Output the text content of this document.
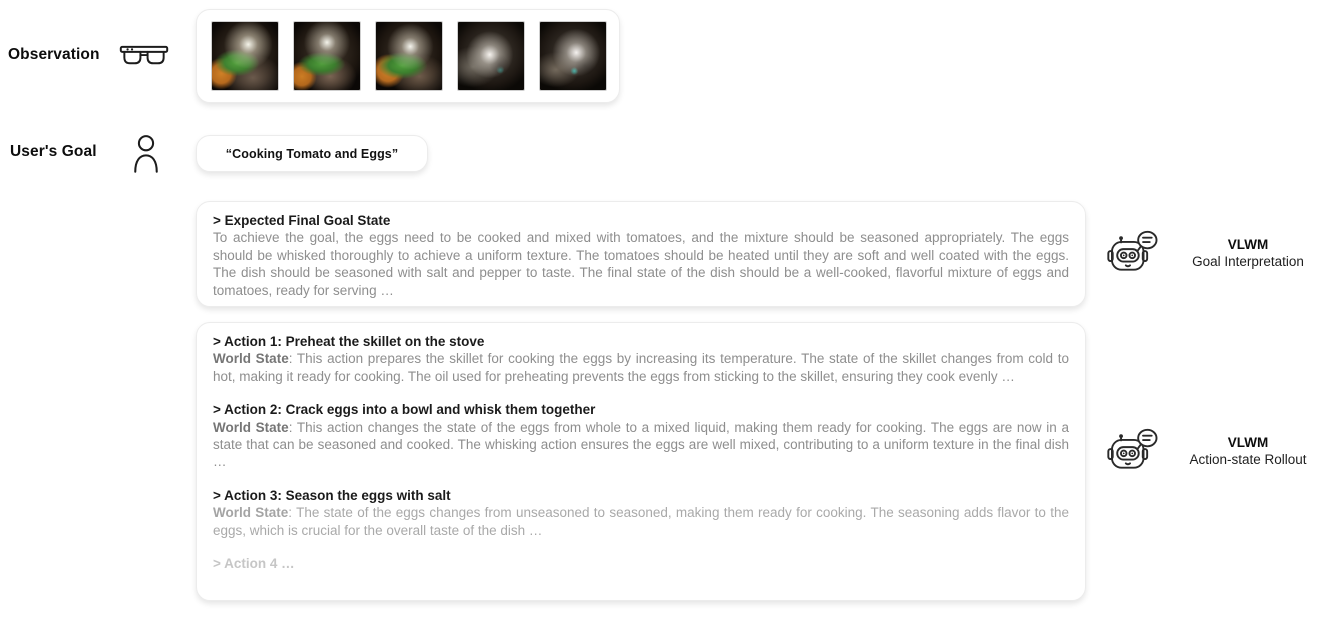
Observation
User's Goal	“Cooking Tomato and Eggs”
> Expected Final Goal State
To achieve the goal, the eggs need to be cooked and mixed with tomatoes, and the mixture should be seasoned appropriately. The eggs should be whisked thoroughly to achieve a uniform texture. The tomatoes should be heated until they are soft and well coated with the eggs. The dish should be seasoned with salt and pepper to taste. The final state of the dish should be a well-cooked, flavorful mixture of eggs and tomatoes, ready for serving …
> Action 1: Preheat the skillet on the stove
World State: This action prepares the skillet for cooking the eggs by increasing its temperature. The state of the skillet changes from cold to hot, making it ready for cooking. The oil used for preheating prevents the eggs from sticking to the skillet, ensuring they cook evenly …
> Action 2: Crack eggs into a bowl and whisk them together
World State: This action changes the state of the eggs from whole to a mixed liquid, making them ready for cooking. The eggs are now in a state that can be seasoned and cooked. The whisking action ensures the eggs are well mixed, contributing to a uniform texture in the final dish …
> Action 3: Season the eggs with salt
World State: The state of the eggs changes from unseasoned to seasoned, making them ready for cooking. The seasoning adds flavor to the eggs, which is crucial for the overall taste of the dish …
> Action 4 …
VLWM
Goal Interpretation
VLWM
Action-state Rollout
